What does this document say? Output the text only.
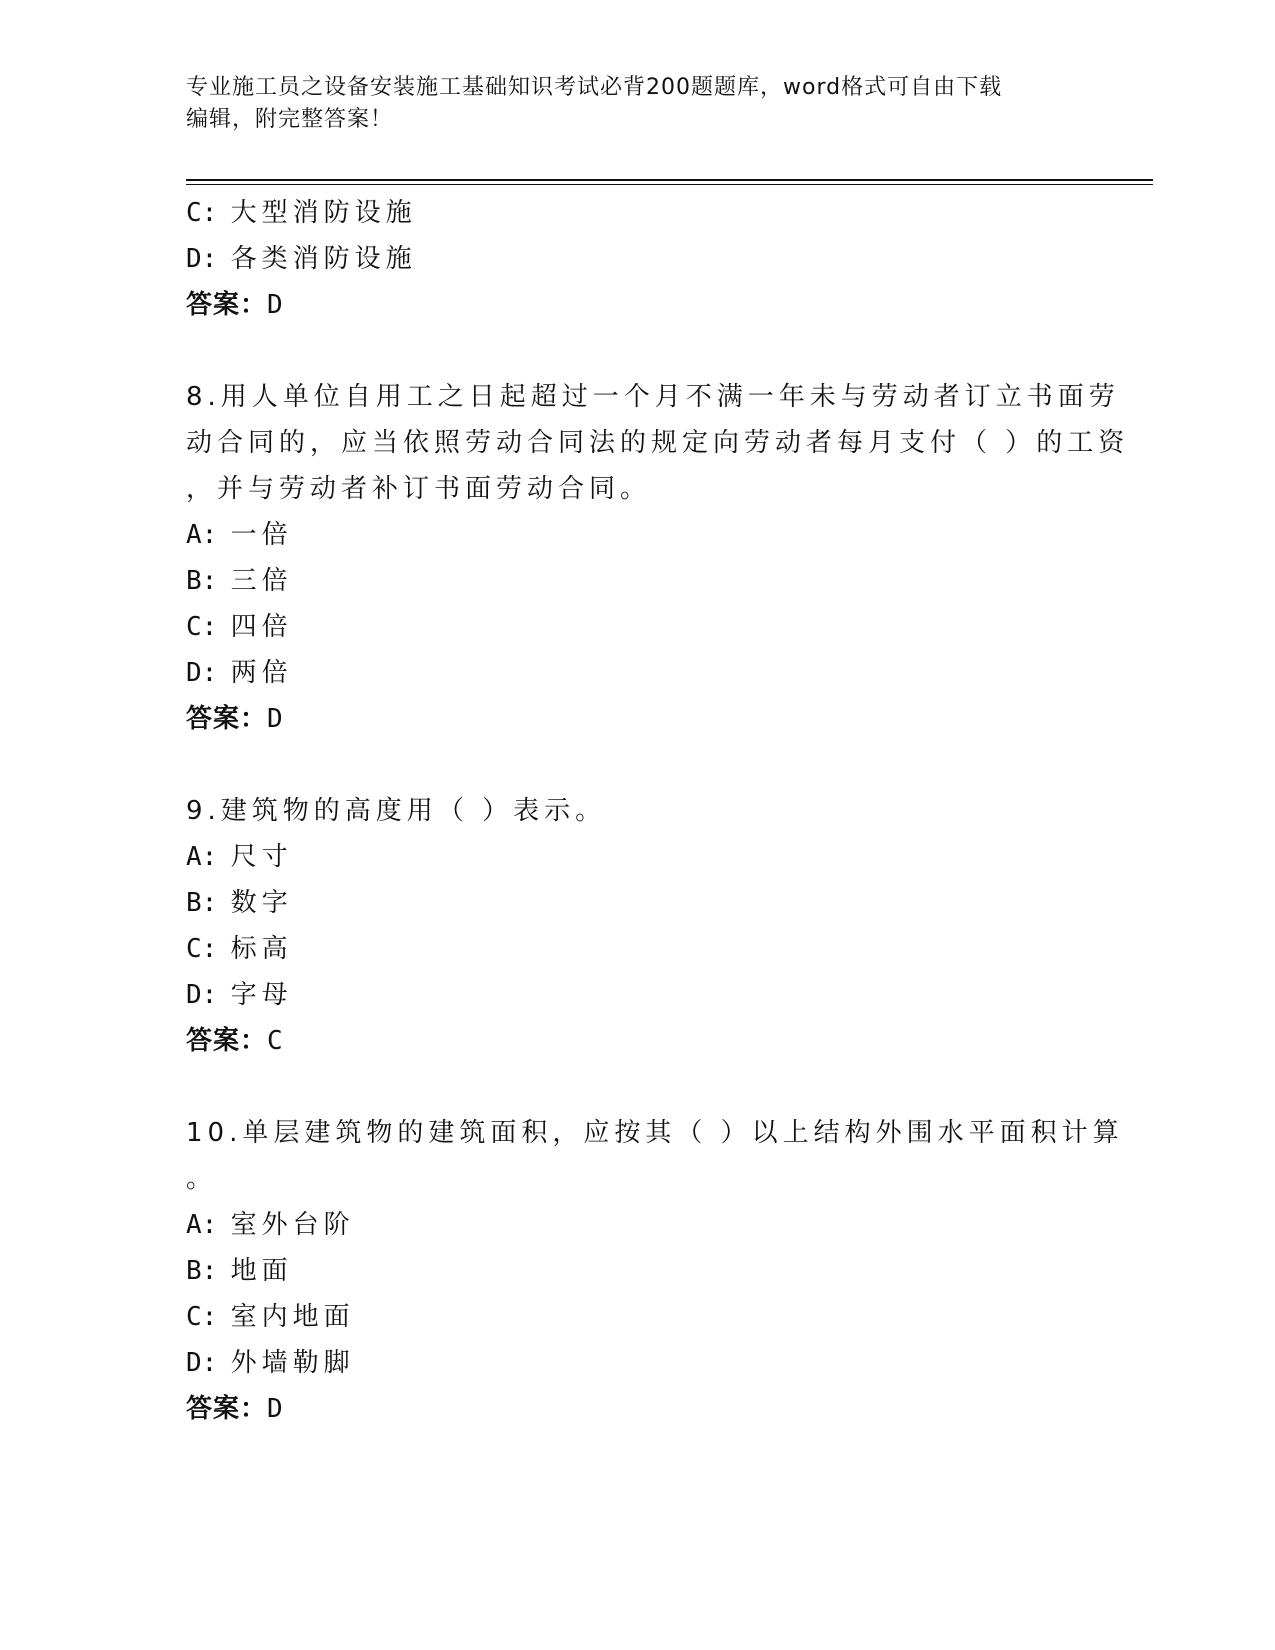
专业施工员之设备安装施工基础知识考试必背200题题库，word格式可自由下载
编辑，附完整答案！
C: 大型消防设施
D: 各类消防设施
答案：D
8.用人单位自用工之日起超过一个月不满一年未与劳动者订立书面劳
动合同的，应当依照劳动合同法的规定向劳动者每月支付（ ）的工资
，并与劳动者补订书面劳动合同。
A: 一倍
B: 三倍
C: 四倍
D: 两倍
答案：D
9.建筑物的高度用（ ）表示。
A: 尺寸
B: 数字
C: 标高
D: 字母
答案：C
10.单层建筑物的建筑面积，应按其（ ）以上结构外围水平面积计算
。
A: 室外台阶
B: 地面
C: 室内地面
D: 外墙勒脚
答案：D
